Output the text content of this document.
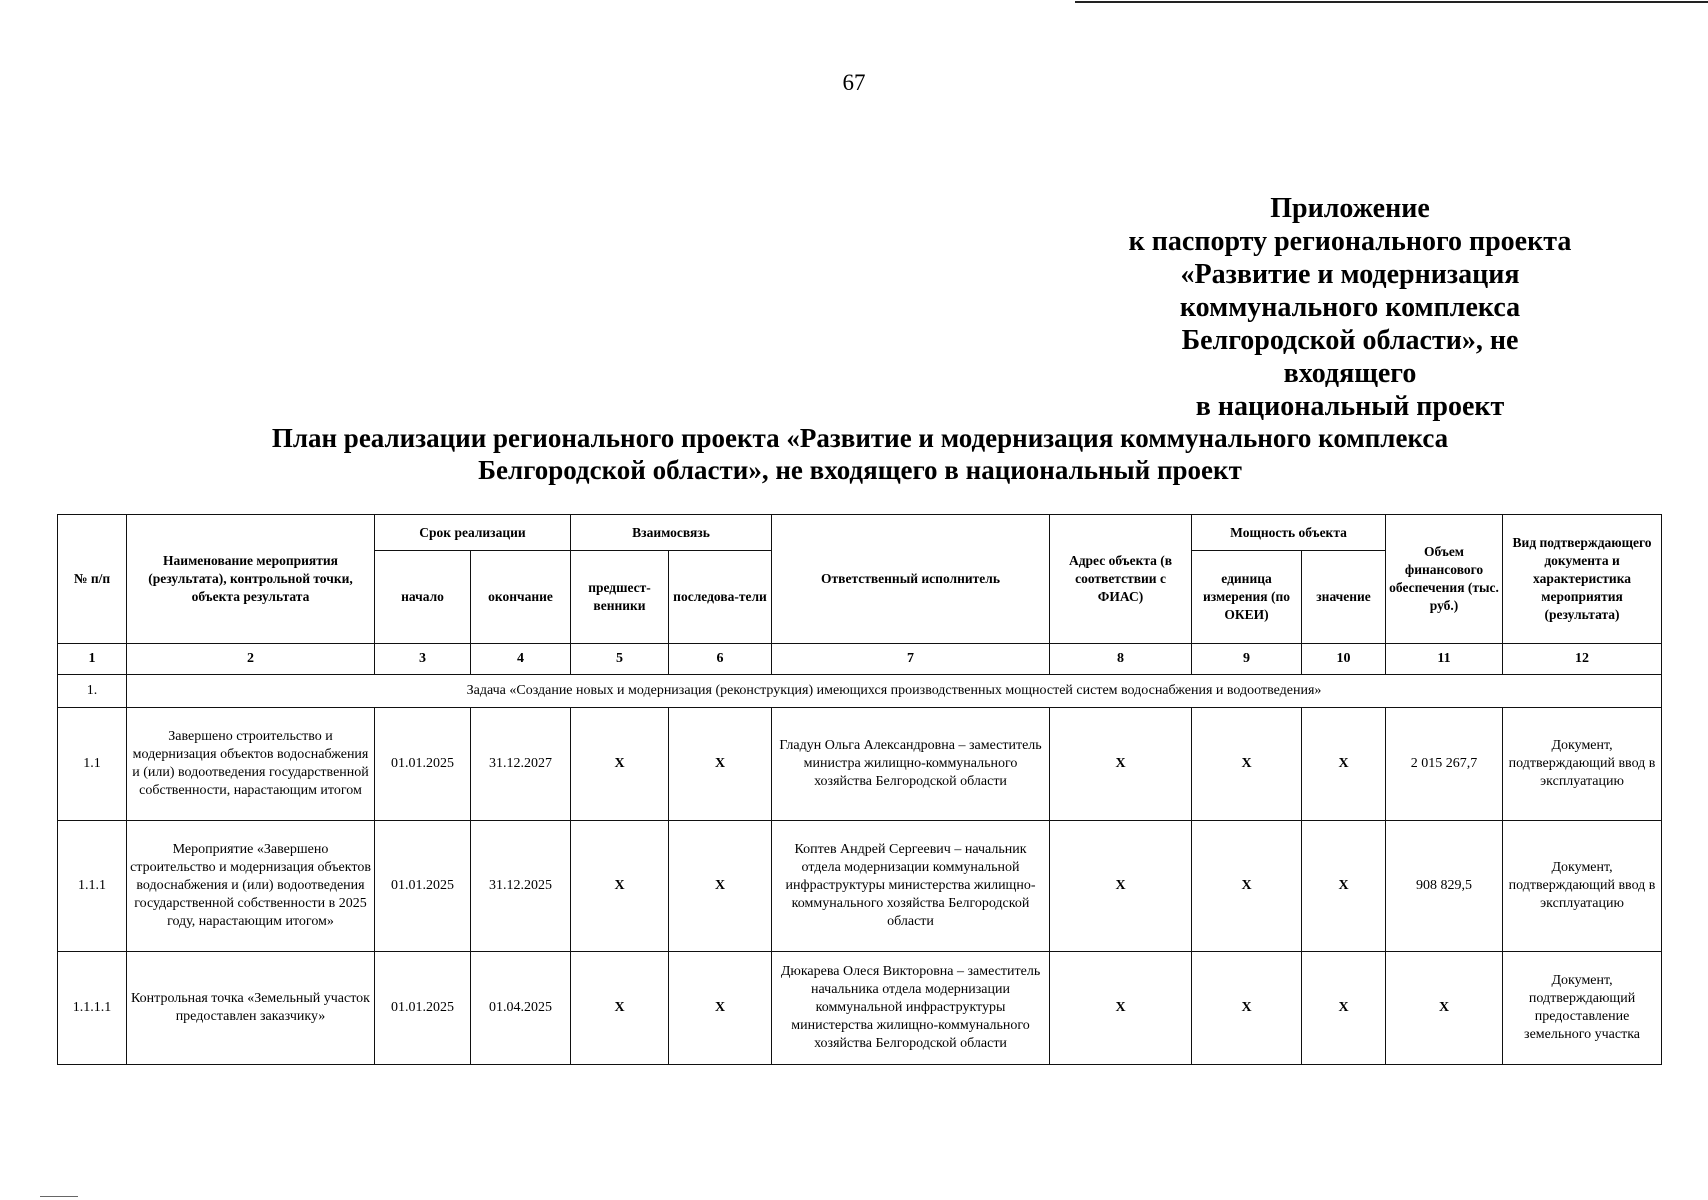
67
Приложение
к паспорту регионального проекта
«Развитие и модернизация
коммунального комплекса
Белгородской области», не входящего
в национальный проект
План реализации регионального проекта «Развитие и модернизация коммунального комплекса
Белгородской области», не входящего в национальный проект
№ п/п	Наименование мероприятия (результата), контрольной точки, объекта результата	Срок реализации		Взаимосвязь		Ответственный исполнитель	Адрес объекта (в соответствии с ФИАС)	Мощность объекта		Объем финансового обеспечения (тыс. руб.)	Вид подтверждающего документа и характеристика мероприятия (результата)
		начало	окончание	предшест-венники	последова-тели			единица измерения (по ОКЕИ)	значение		
1	2	3	4	5	6	7	8	9	10	11	12
1.	Задача «Создание новых и модернизация (реконструкция) имеющихся производственных мощностей систем водоснабжения и водоотведения»										
1.1	Завершено строительство и модернизация объектов водоснабжения и (или) водоотведения государственной собственности, нарастающим итогом	01.01.2025	31.12.2027	Х	Х	Гладун Ольга Александровна – заместитель министра жилищно-коммунального хозяйства Белгородской области	Х	Х	Х	2 015 267,7	Документ, подтверждающий ввод в эксплуатацию
1.1.1	Мероприятие «Завершено строительство и модернизация объектов водоснабжения и (или) водоотведения государственной собственности в 2025 году, нарастающим итогом»	01.01.2025	31.12.2025	Х	Х	Коптев Андрей Сергеевич – начальник отдела модернизации коммунальной инфраструктуры министерства жилищно-коммунального хозяйства Белгородской области	Х	Х	Х	908 829,5	Документ, подтверждающий ввод в эксплуатацию
1.1.1.1	Контрольная точка «Земельный участок предоставлен заказчику»	01.01.2025	01.04.2025	Х	Х	Дюкарева Олеся Викторовна – заместитель начальника отдела модернизации коммунальной инфраструктуры министерства жилищно-коммунального хозяйства Белгородской области	Х	Х	Х	Х	Документ, подтверждающий предоставление земельного участка
